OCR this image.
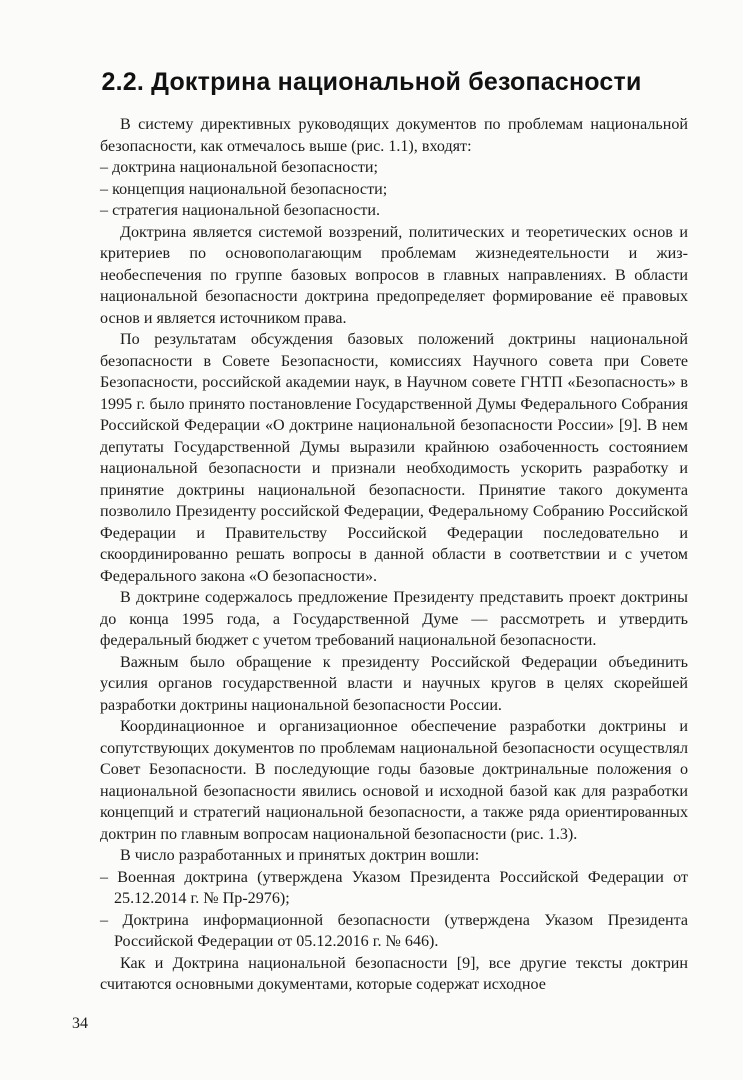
2.2. Доктрина национальной безопасности

В систему директивных руководящих документов по проблемам национальной безопасности, как отмечалось выше (рис. 1.1), входят:

– доктрина национальной безопасности;

– концепция национальной безопасности;

– стратегия национальной безопасности.

Доктрина является системой воззрений, политических и теоретических основ и критериев по основополагающим проблемам жизнедеятельности и жизнеобеспечения по группе базовых вопросов в главных направлениях. В области национальной безопасности доктрина предопределяет формирование её правовых основ и является источником права.

По результатам обсуждения базовых положений доктрины национальной безопасности в Совете Безопасности, комиссиях Научного совета при Совете Безопасности, российской академии наук, в Научном совете ГНТП «Безопасность» в 1995 г. было принято постановление Государственной Думы Федерального Собрания Российской Федерации «О доктрине национальной безопасности России» [9]. В нем депутаты Государственной Думы выразили крайнюю озабоченность состоянием национальной безопасности и признали необходимость ускорить разработку и принятие доктрины национальной безопасности. Принятие такого документа позволило Президенту российской Федерации, Федеральному Собранию Российской Федерации и Правительству Российской Федерации последовательно и скоординированно решать вопросы в данной области в соответствии и с учетом Федерального закона «О безопасности».

В доктрине содержалось предложение Президенту представить проект доктрины до конца 1995 года, а Государственной Думе — рассмотреть и утвердить федеральный бюджет с учетом требований национальной безопасности.

Важным было обращение к президенту Российской Федерации объединить усилия органов государственной власти и научных кругов в целях скорейшей разработки доктрины национальной безопасности России.

Координационное и организационное обеспечение разработки доктрины и сопутствующих документов по проблемам национальной безопасности осуществлял Совет Безопасности. В последующие годы базовые доктринальные положения о национальной безопасности явились основой и исходной базой как для разработки концепций и стратегий национальной безопасности, а также ряда ориентированных доктрин по главным вопросам национальной безопасности (рис. 1.3).

В число разработанных и принятых доктрин вошли:

– Военная доктрина (утверждена Указом Президента Российской Федерации от 25.12.2014 г. № Пр-2976);

– Доктрина информационной безопасности (утверждена Указом Президента Российской Федерации от 05.12.2016 г. № 646).

Как и Доктрина национальной безопасности [9], все другие тексты доктрин считаются основными документами, которые содержат исходное

34
